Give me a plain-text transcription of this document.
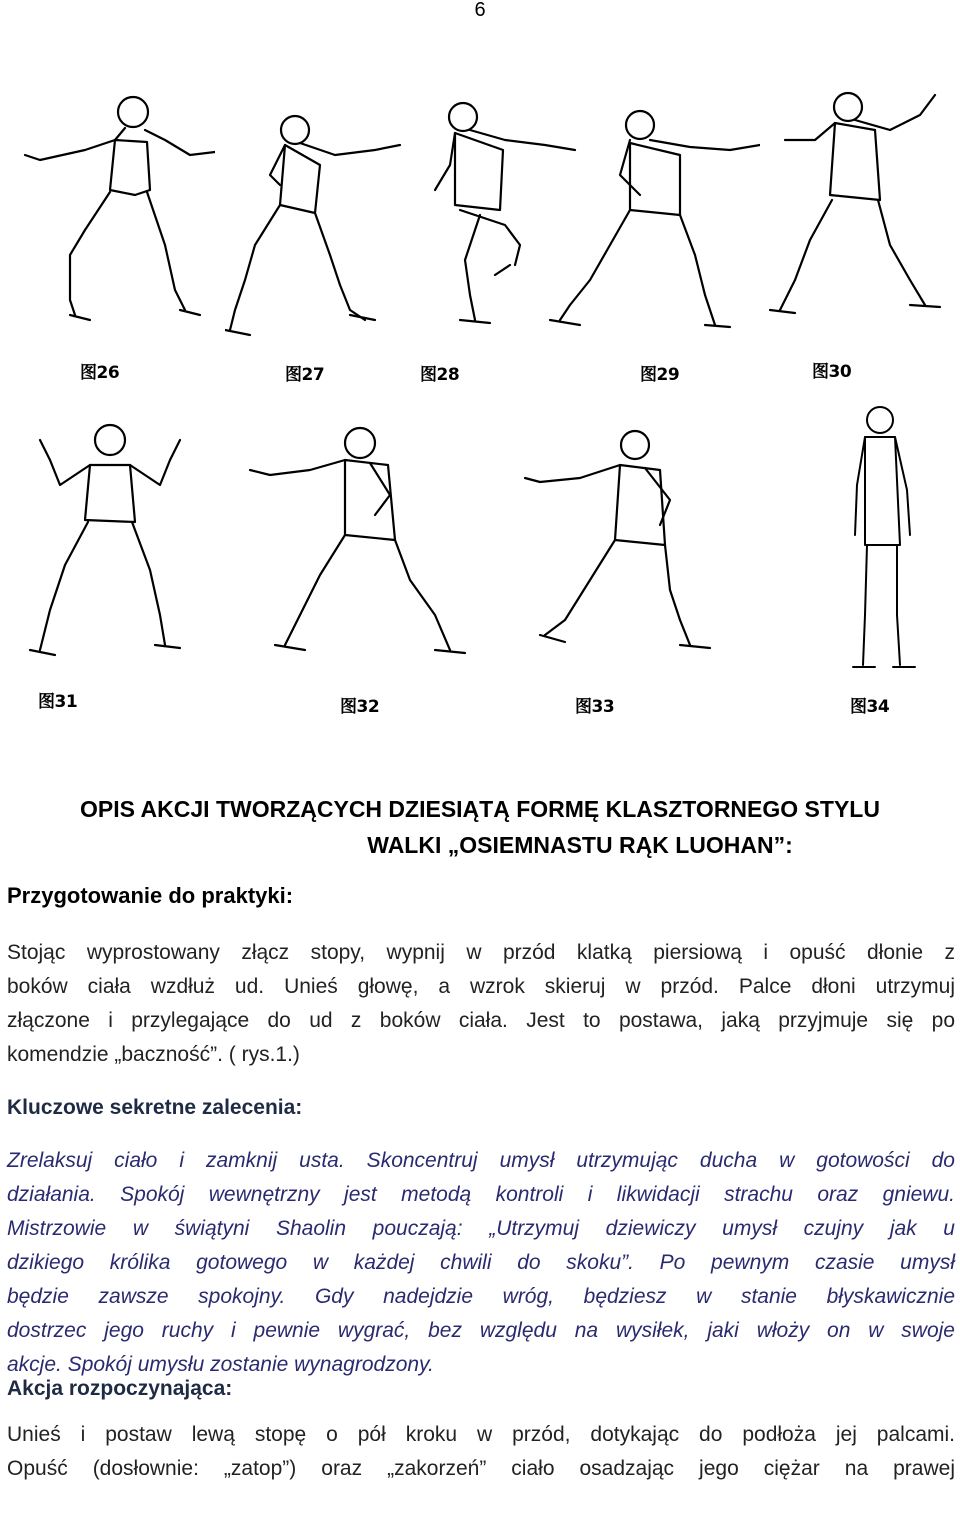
6
图26	图27	图28	图29	图30
图31	图32	图33	图34
OPIS AKCJI TWORZĄCYCH DZIESIĄTĄ FORMĘ KLASZTORNEGO STYLU
WALKI „OSIEMNASTU RĄK LUOHAN”:
Przygotowanie do praktyki:
Stojąc wyprostowany złącz stopy, wypnij w przód klatką piersiową i opuść dłonie z
boków ciała wzdłuż ud. Unieś głowę, a wzrok skieruj w przód. Palce dłoni utrzymuj
złączone i przylegające do ud z boków ciała. Jest to postawa, jaką przyjmuje się po
komendzie „baczność”. ( rys.1.)
Kluczowe sekretne zalecenia:
Zrelaksuj ciało i zamknij usta. Skoncentruj umysł utrzymując ducha w gotowości do
działania. Spokój wewnętrzny jest metodą kontroli i likwidacji strachu oraz gniewu.
Mistrzowie w świątyni Shaolin pouczają: „Utrzymuj dziewiczy umysł czujny jak u
dzikiego królika gotowego w każdej chwili do skoku”. Po pewnym czasie umysł
będzie zawsze spokojny. Gdy nadejdzie wróg, będziesz w stanie błyskawicznie
dostrzec jego ruchy i pewnie wygrać, bez względu na wysiłek, jaki włoży on w swoje
akcje. Spokój umysłu zostanie wynagrodzony.
Akcja rozpoczynająca:
Unieś i postaw lewą stopę o pół kroku w przód, dotykając do podłoża jej palcami.
Opuść (dosłownie: „zatop”) oraz „zakorzeń” ciało osadzając jego ciężar na prawej
